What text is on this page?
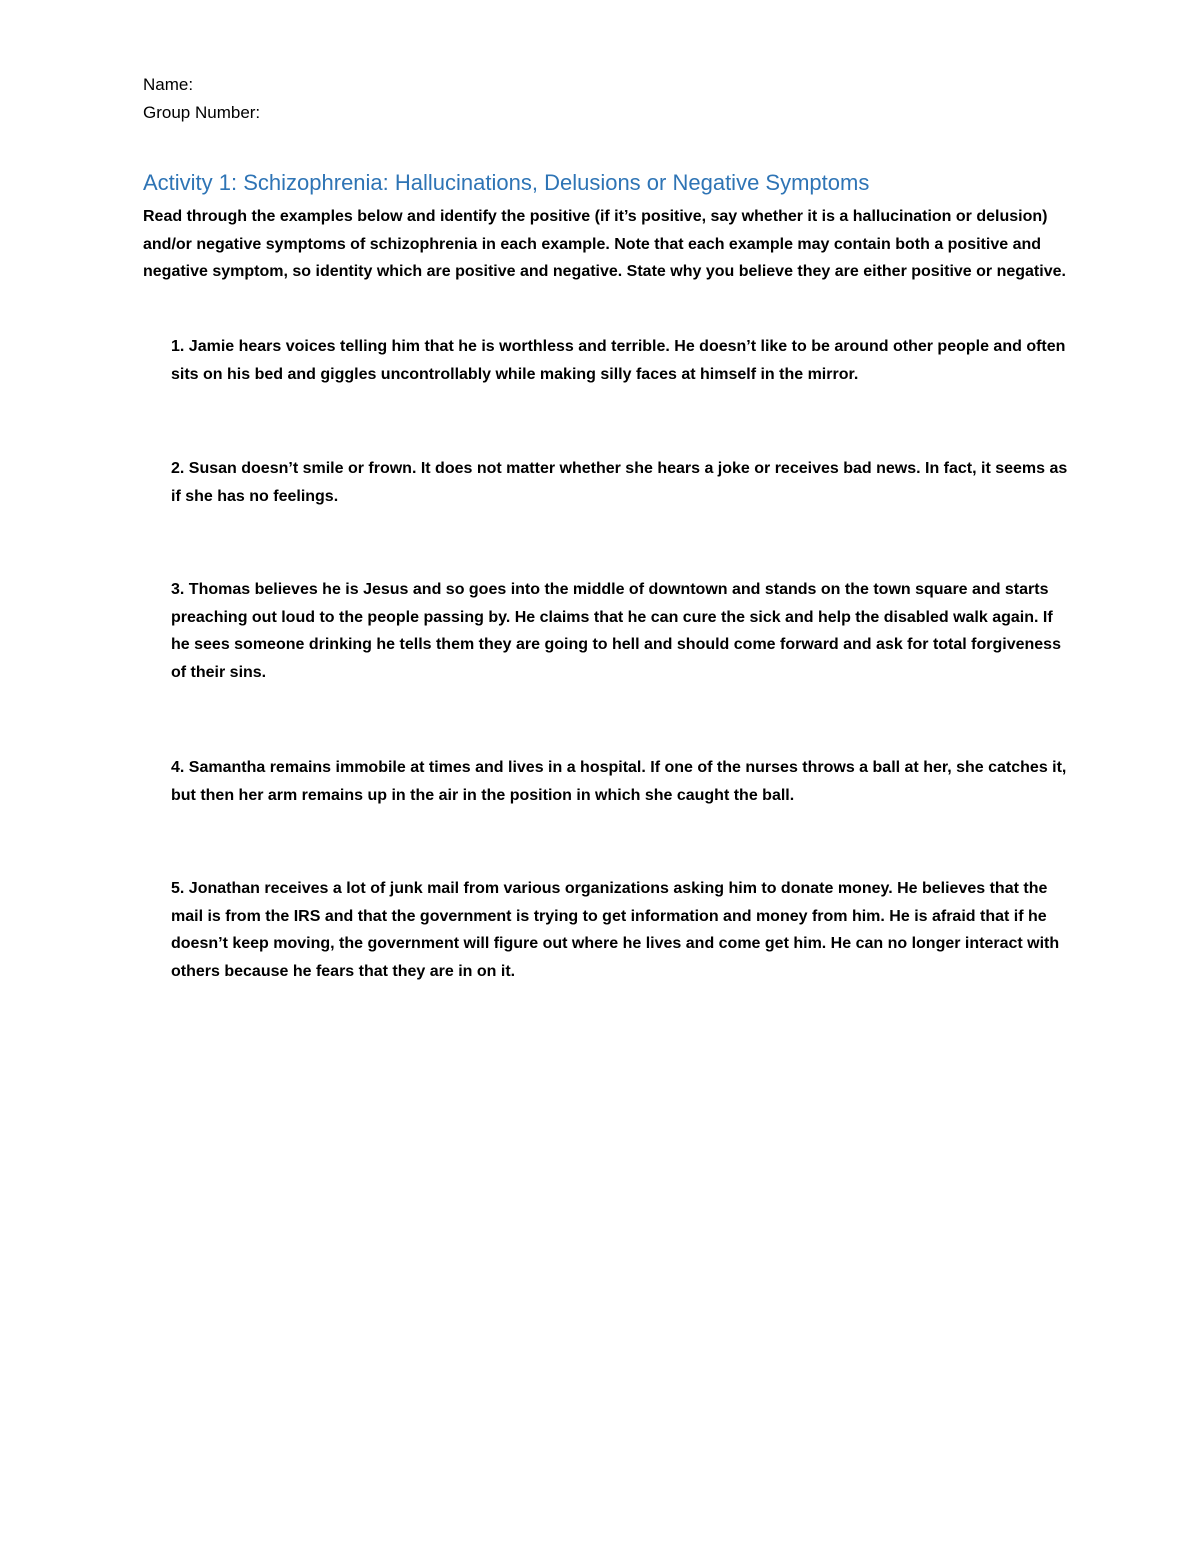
Name:
Group Number:
Activity 1: Schizophrenia: Hallucinations, Delusions or Negative Symptoms
Read through the examples below and identify the positive (if it’s positive, say whether it is a hallucination or delusion) and/or negative symptoms of schizophrenia in each example. Note that each example may contain both a positive and negative symptom, so identity which are positive and negative. State why you believe they are either positive or negative.
1. Jamie hears voices telling him that he is worthless and terrible. He doesn’t like to be around other people and often sits on his bed and giggles uncontrollably while making silly faces at himself in the mirror.
2. Susan doesn’t smile or frown. It does not matter whether she hears a joke or receives bad news. In fact, it seems as if she has no feelings.
3. Thomas believes he is Jesus and so goes into the middle of downtown and stands on the town square and starts preaching out loud to the people passing by. He claims that he can cure the sick and help the disabled walk again. If he sees someone drinking he tells them they are going to hell and should come forward and ask for total forgiveness of their sins.
4. Samantha remains immobile at times and lives in a hospital. If one of the nurses throws a ball at her, she catches it, but then her arm remains up in the air in the position in which she caught the ball.
5. Jonathan receives a lot of junk mail from various organizations asking him to donate money. He believes that the mail is from the IRS and that the government is trying to get information and money from him. He is afraid that if he doesn’t keep moving, the government will figure out where he lives and come get him. He can no longer interact with others because he fears that they are in on it.
